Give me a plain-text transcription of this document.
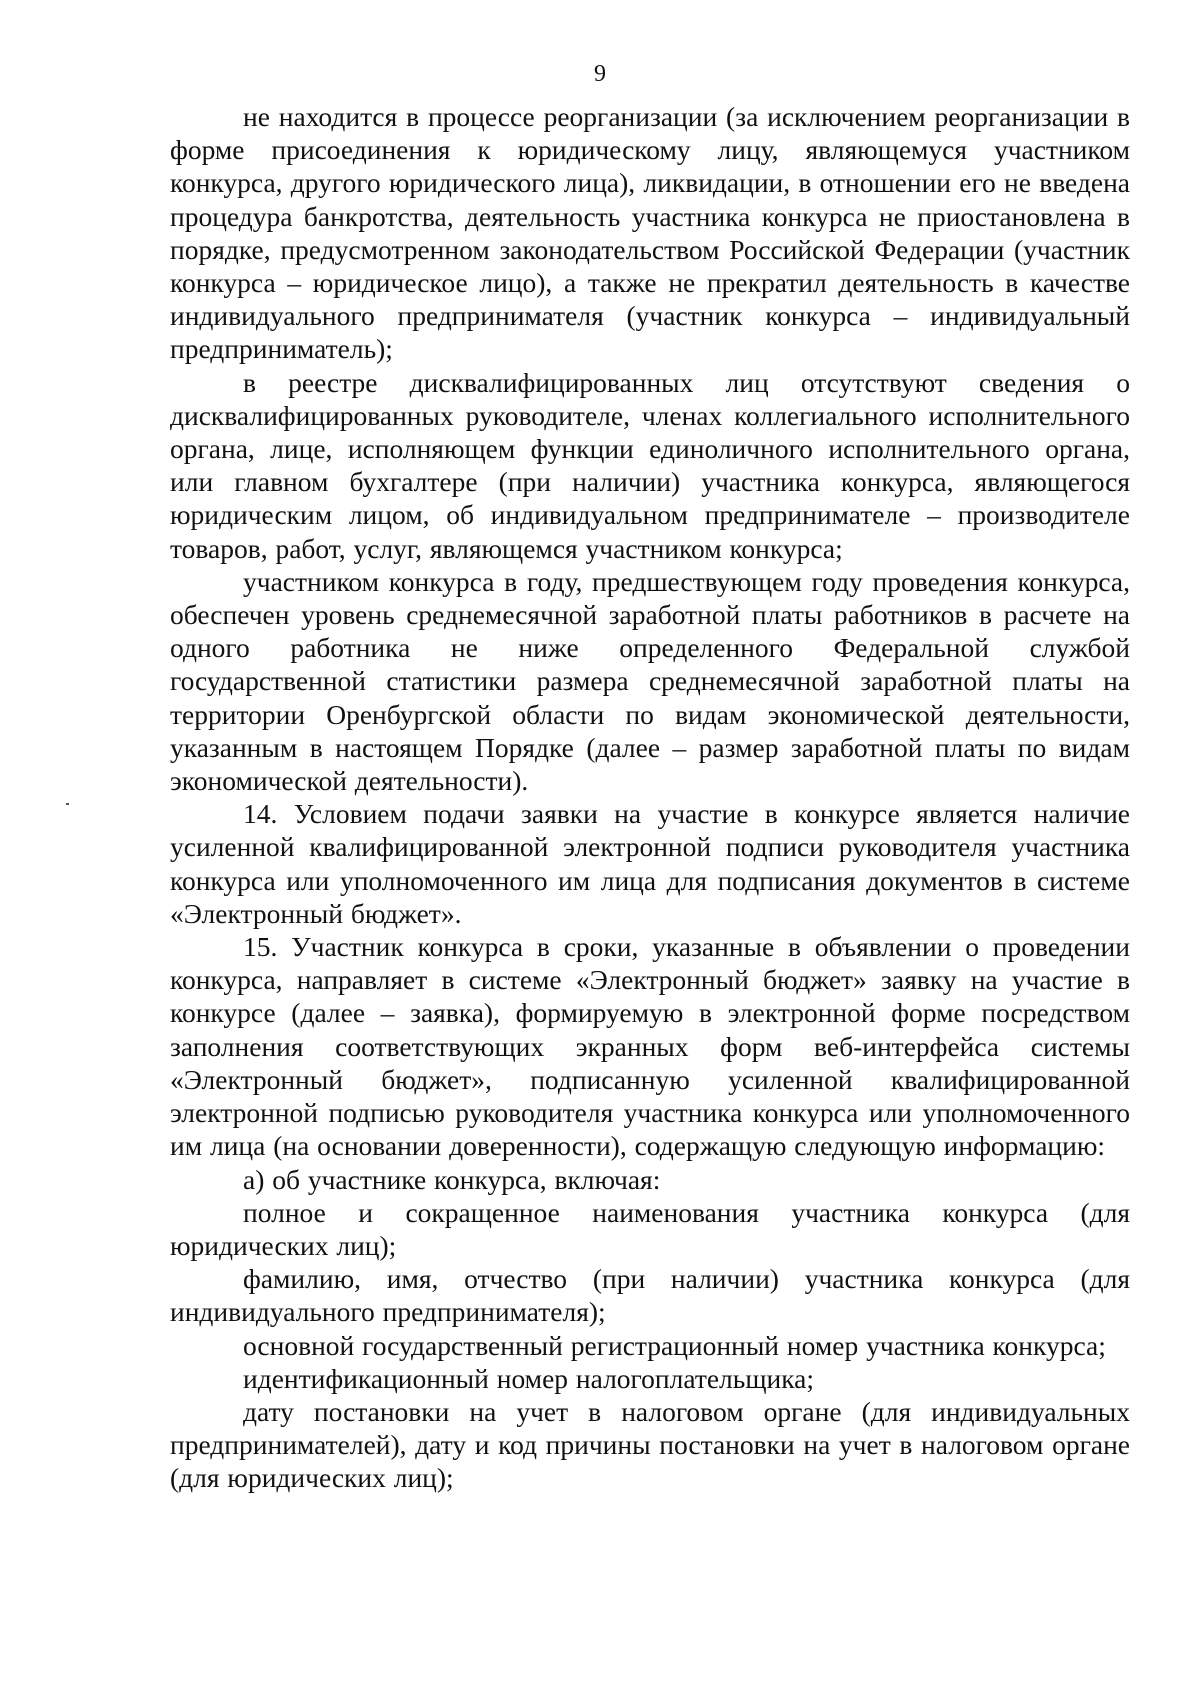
9

не находится в процессе реорганизации (за исключением реорганизации в форме присоединения к юридическому лицу, являющемуся участником конкурса, другого юридического лица), ликвидации, в отношении его не введена процедура банкротства, деятельность участника конкурса не приостановлена в порядке, предусмотренном законодательством Российской Федерации (участник конкурса – юридическое лицо), а также не прекратил деятельность в качестве индивидуального предпринимателя (участник конкурса – индивидуальный предприниматель);

в реестре дисквалифицированных лиц отсутствуют сведения о дисквалифицированных руководителе, членах коллегиального исполнительного органа, лице, исполняющем функции единоличного исполнительного органа, или главном бухгалтере (при наличии) участника конкурса, являющегося юридическим лицом, об индивидуальном предпринимателе – производителе товаров, работ, услуг, являющемся участником конкурса;

участником конкурса в году, предшествующем году проведения конкурса, обеспечен уровень среднемесячной заработной платы работников в расчете на одного работника не ниже определенного Федеральной службой государственной статистики размера среднемесячной заработной платы на территории Оренбургской области по видам экономической деятельности, указанным в настоящем Порядке (далее – размер заработной платы по видам экономической деятельности).

14. Условием подачи заявки на участие в конкурсе является наличие усиленной квалифицированной электронной подписи руководителя участника конкурса или уполномоченного им лица для подписания документов в системе «Электронный бюджет».

15. Участник конкурса в сроки, указанные в объявлении о проведении конкурса, направляет в системе «Электронный бюджет» заявку на участие в конкурсе (далее – заявка), формируемую в электронной форме посредством заполнения соответствующих экранных форм веб-интерфейса системы «Электронный бюджет», подписанную усиленной квалифицированной электронной подписью руководителя участника конкурса или уполномоченного им лица (на основании доверенности), содержащую следующую информацию:

а) об участнике конкурса, включая:

полное и сокращенное наименования участника конкурса (для юридических лиц);

фамилию, имя, отчество (при наличии) участника конкурса (для индивидуального предпринимателя);

основной государственный регистрационный номер участника конкурса;

идентификационный номер налогоплательщика;

дату постановки на учет в налоговом органе (для индивидуальных предпринимателей), дату и код причины постановки на учет в налоговом органе (для юридических лиц);
